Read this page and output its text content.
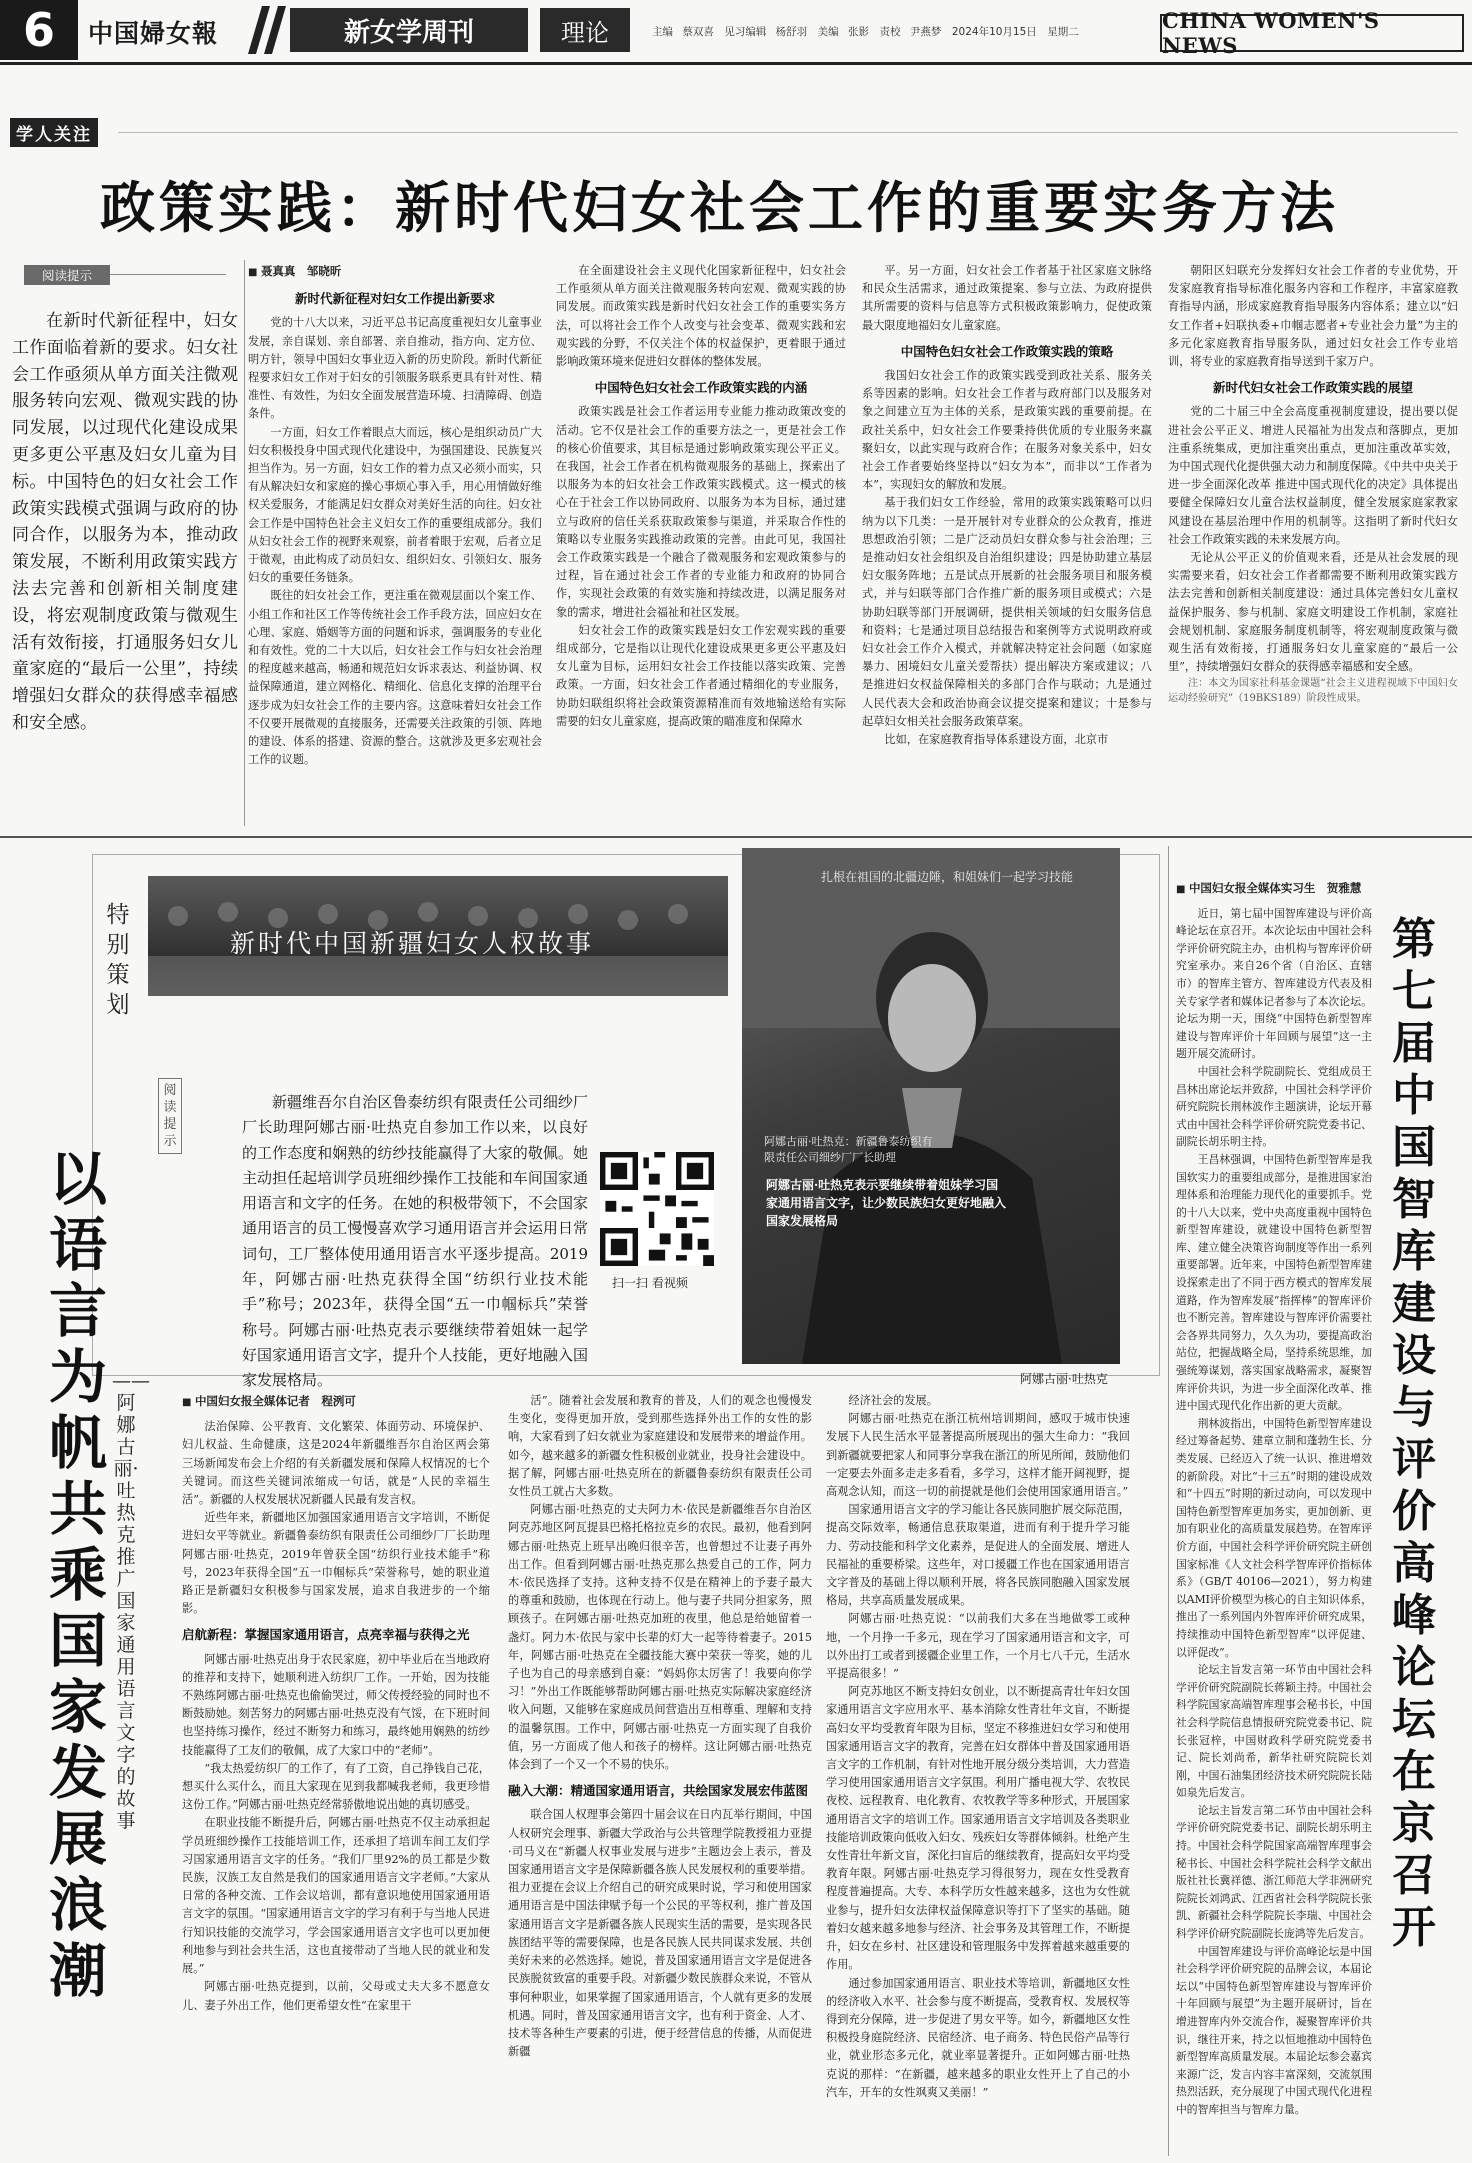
6	中国婦女報	新女学周刊	理论	主编 蔡双喜　见习编辑 杨舒羽　美编 张影　责校 尹燕梦　2024年10月15日　星期二	CHINA WOMEN'S NEWS
学人关注
政策实践：新时代妇女社会工作的重要实务方法
阅读提示
在新时代新征程中，妇女工作面临着新的要求。妇女社会工作亟须从单方面关注微观服务转向宏观、微观实践的协同发展，以过现代化建设成果更多更公平惠及妇女儿童为目标。中国特色的妇女社会工作政策实践模式强调与政府的协同合作，以服务为本，推动政策发展，不断利用政策实践方法去完善和创新相关制度建设，将宏观制度政策与微观生活有效衔接，打通服务妇女儿童家庭的“最后一公里”，持续增强妇女群众的获得感幸福感和安全感。
■ 聂真真　邹晓昕
新时代新征程对妇女工作提出新要求

党的十八大以来，习近平总书记高度重视妇女儿童事业发展，亲自谋划、亲自部署、亲自推动，指方向、定方位、明方针，领导中国妇女事业迈入新的历史阶段。新时代新征程要求妇女工作对于妇女的引领服务联系更具有针对性、精准性、有效性，为妇女全面发展营造环境、扫清障碍、创造条件。

一方面，妇女工作着眼点大而远，核心是组织动员广大妇女积极投身中国式现代化建设中，为强国建设、民族复兴担当作为。另一方面，妇女工作的着力点又必须小而实，只有从解决妇女和家庭的操心事烦心事入手，用心用情做好维权关爱服务，才能满足妇女群众对美好生活的向往。妇女社会工作是中国特色社会主义妇女工作的重要组成部分。我们从妇女社会工作的视野来观察，前者着眼于宏观，后者立足于微观，由此构成了动员妇女、组织妇女、引领妇女、服务妇女的重要任务链条。

既往的妇女社会工作，更注重在微观层面以个案工作、小组工作和社区工作等传统社会工作手段方法，回应妇女在心理、家庭、婚姻等方面的问题和诉求，强调服务的专业化和有效性。党的二十大以后，妇女社会工作与妇女社会治理的程度越来越高，畅通和规范妇女诉求表达、利益协调、权益保障通道，建立网格化、精细化、信息化支撑的治理平台逐步成为妇女社会工作的主要内容。这意味着妇女社会工作不仅要开展微观的直接服务，还需要关注政策的引领、阵地的建设、体系的搭建、资源的整合。这就涉及更多宏观社会工作的议题。

在全面建设社会主义现代化国家新征程中，妇女社会工作亟须从单方面关注微观服务转向宏观、微观实践的协同发展。而政策实践是新时代妇女社会工作的重要实务方法，可以将社会工作个人改变与社会变革、微观实践和宏观实践的分野，不仅关注个体的权益保护，更着眼于通过影响政策环境来促进妇女群体的整体发展。

中国特色妇女社会工作政策实践的内涵

政策实践是社会工作者运用专业能力推动政策改变的活动。它不仅是社会工作的重要方法之一，更是社会工作的核心价值要求，其目标是通过影响政策实现公平正义。在我国，社会工作者在机构微观服务的基础上，探索出了以服务为本的妇女社会工作政策实践模式。这一模式的核心在于社会工作以协同政府、以服务为本为目标，通过建立与政府的信任关系获取政策参与渠道，并采取合作性的策略以专业服务实践推动政策的完善。由此可见，我国社会工作政策实践是一个融合了微观服务和宏观政策参与的过程，旨在通过社会工作者的专业能力和政府的协同合作，实现社会政策的有效实施和持续改进，以满足服务对象的需求，增进社会福祉和社区发展。

妇女社会工作的政策实践是妇女工作宏观实践的重要组成部分，它是指以让现代化建设成果更多更公平惠及妇女儿童为目标，运用妇女社会工作技能以落实政策、完善政策。一方面，妇女社会工作者通过精细化的专业服务，协助妇联组织将社会政策资源精准而有效地输送给有实际需要的妇女儿童家庭，提高政策的瞄准度和保障水

平。另一方面，妇女社会工作者基于社区家庭文脉络和民众生活需求，通过政策提案、参与立法、为政府提供其所需要的资料与信息等方式积极政策影响力，促使政策最大限度地福妇女儿童家庭。

中国特色妇女社会工作政策实践的策略

我国妇女社会工作的政策实践受到政社关系、服务关系等因素的影响。妇女社会工作者与政府部门以及服务对象之间建立互为主体的关系，是政策实践的重要前提。在政社关系中，妇女社会工作要秉持供优质的专业服务来赢聚妇女，以此实现与政府合作；在服务对象关系中，妇女社会工作者要始终坚持以“妇女为本”，而非以“工作者为本”，实现妇女的解放和发展。

基于我们妇女工作经验，常用的政策实践策略可以归纳为以下几类：一是开展针对专业群众的公众教育，推进思想政治引领；二是广泛动员妇女群众参与社会治理；三是推动妇女社会组织及自治组织建设；四是协助建立基层妇女服务阵地；五是试点开展新的社会服务项目和服务模式，并与妇联等部门合作推广新的服务项目或模式；六是协助妇联等部门开展调研，提供相关领域的妇女服务信息和资料；七是通过项目总结报告和案例等方式说明政府或妇女社会工作介入模式，并就解决特定社会问题（如家庭暴力、困境妇女儿童关爱帮扶）提出解决方案或建议；八是推进妇女权益保障相关的多部门合作与联动；九是通过人民代表大会和政治协商会议提交提案和建议；十是参与起草妇女相关社会服务政策草案。

比如，在家庭教育指导体系建设方面，北京市

朝阳区妇联充分发挥妇女社会工作者的专业优势，开发家庭教育指导标准化服务内容和工作程序，丰富家庭教育指导内涵，形成家庭教育指导服务内容体系；建立以“妇女工作者+妇联执委+巾帼志愿者+专业社会力量”为主的多元化家庭教育指导服务队，通过妇女社会工作专业培训，将专业的家庭教育指导送到千家万户。

新时代妇女社会工作政策实践的展望

党的二十届三中全会高度重视制度建设，提出要以促进社会公平正义、增进人民福祉为出发点和落脚点，更加注重系统集成，更加注重突出重点，更加注重改革实效，为中国式现代化提供强大动力和制度保障。《中共中央关于进一步全面深化改革 推进中国式现代化的决定》具体提出要健全保障妇女儿童合法权益制度，健全发展家庭家教家风建设在基层治理中作用的机制等。这指明了新时代妇女社会工作政策实践的未来发展方向。

无论从公平正义的价值观来看，还是从社会发展的现实需要来看，妇女社会工作者都需要不断利用政策实践方法去完善和创新相关制度建设：通过具体完善妇女儿童权益保护服务、参与机制、家庭文明建设工作机制，家庭社会规划机制、家庭服务制度机制等，将宏观制度政策与微观生活有效衔接，打通服务妇女儿童家庭的“最后一公里”，持续增强妇女群众的获得感幸福感和安全感。

注：本文为国家社科基金课题“社会主义进程视域下中国妇女运动经验研究”（19BKS189）阶段性成果。

特别策划
新时代中国新疆妇女人权故事
阅读提示
新疆维吾尔自治区鲁泰纺织有限责任公司细纱厂厂长助理阿娜古丽·吐热克自参加工作以来，以良好的工作态度和娴熟的纺纱技能赢得了大家的敬佩。她主动担任起培训学员班细纱操作工技能和车间国家通用语言和文字的任务。在她的积极带领下，不会国家通用语言的员工慢慢喜欢学习通用语言并会运用日常词句，工厂整体使用通用语言水平逐步提高。2019年，阿娜古丽·吐热克获得全国“纺织行业技术能手”称号；2023年，获得全国“五一巾帼标兵”荣誉称号。阿娜古丽·吐热克表示要继续带着姐妹一起学好国家通用语言文字，提升个人技能，更好地融入国家发展格局。
扫一扫 看视频
扎根在祖国的北疆边陲，和姐妹们一起学习技能
阿娜古丽·吐热克：新疆鲁泰纺织有限责任公司细纱厂厂长助理
阿娜古丽·吐热克表示要继续带着姐妹学习国家通用语言文字，让少数民族妇女更好地融入国家发展格局
阿娜古丽·吐热克
以语言为帆 共乘国家发展浪潮
——阿娜古丽·吐热克推广国家通用语言文字的故事
■ 中国妇女报全媒体记者　程洌可

法治保障、公平教育、文化繁荣、体面劳动、环境保护、妇儿权益、生命健康，这是2024年新疆维吾尔自治区两会第三场新闻发布会上介绍的有关新疆发展和保障人权情况的七个关键词。而这些关键词浓缩成一句话，就是“人民的幸福生活”。新疆的人权发展状况新疆人民最有发言权。

近些年来，新疆地区加强国家通用语言文字培训，不断促进妇女平等就业。新疆鲁泰纺织有限责任公司细纱厂厂长助理阿娜古丽·吐热克，2019年曾获全国“纺织行业技术能手”称号，2023年获得全国“五一巾帼标兵”荣誉称号，她的职业道路正是新疆妇女积极参与国家发展，追求自我进步的一个缩影。

启航新程：掌握国家通用语言，点亮幸福与获得之光

阿娜古丽·吐热克出身于农民家庭，初中毕业后在当地政府的推荐和支持下，她顺利进入纺织厂工作。一开始，因为技能不熟练阿娜古丽·吐热克也偷偷哭过，师父传授经验的同时也不断鼓励她。刻苦努力的阿娜古丽·吐热克没有气馁，在下班时间也坚持练习操作，经过不断努力和练习，最终她用娴熟的纺纱技能赢得了工友们的敬佩，成了大家口中的“老师”。

“我太热爱纺织厂的工作了，有了工资，自己挣钱自己花，想买什么买什么，而且大家现在见到我都喊我老师，我更珍惜这份工作。”阿娜古丽·吐热克经常骄傲地说出她的真切感受。

在职业技能不断提升后，阿娜古丽·吐热克不仅主动承担起学员班细纱操作工技能培训工作，还承担了培训车间工友们学习国家通用语言文字的任务。“我们厂里92%的员工都是少数民族，汉族工友自然是我们的国家通用语言文字老师。”大家从日常的各种交流、工作会议培训，都有意识地使用国家通用语言文字的氛围。“国家通用语言文字的学习有利于与当地人民进行知识技能的交流学习，学会国家通用语言文字也可以更加便利地参与到社会共生活，这也直接带动了当地人民的就业和发展。”

阿娜古丽·吐热克提到，以前，父母或丈夫大多不愿意女儿、妻子外出工作，他们更希望女性“在家里干

活”。随着社会发展和教育的普及，人们的观念也慢慢发生变化，变得更加开放，受到那些选择外出工作的女性的影响，大家看到了妇女就业为家庭建设和发展带来的增益作用。如今，越来越多的新疆女性积极创业就业，投身社会建设中。据了解，阿娜古丽·吐热克所在的新疆鲁泰纺织有限责任公司女性员工就占大多数。

阿娜古丽·吐热克的丈夫阿力木·依民是新疆维吾尔自治区阿克苏地区阿瓦提县巴格托格拉克乡的农民。最初，他看到阿娜古丽·吐热克上班早出晚归很辛苦，也曾想过不让妻子再外出工作。但看到阿娜古丽·吐热克那么热爱自己的工作，阿力木·依民选择了支持。这种支持不仅是在精神上的予妻子最大的尊重和鼓励，也体现在行动上。他与妻子共同分担家务，照顾孩子。在阿娜古丽·吐热克加班的夜里，他总是给她留着一盏灯。阿力木·依民与家中长辈的灯大一起等待着妻子。2015年，阿娜古丽·吐热克在全疆技能大赛中荣获一等奖，她的儿子也为自己的母亲感到自豪：“妈妈你太厉害了！我要向你学习！”外出工作既能够帮助阿娜古丽·吐热克实际解决家庭经济收入问题，又能够在家庭成员间营造出互相尊重、理解和支持的温馨氛围。工作中，阿娜古丽·吐热克一方面实现了自我价值，另一方面成了他人和孩子的榜样。这让阿娜古丽·吐热克体会到了一个又一个不易的快乐。

融入大潮：精通国家通用语言，共绘国家发展宏伟蓝图

联合国人权理事会第四十届会议在日内瓦举行期间，中国人权研究会理事、新疆大学政治与公共管理学院教授祖力亚提·司马义在“新疆人权事业发展与进步”主题边会上表示，普及国家通用语言文字是保障新疆各族人民发展权利的重要举措。祖力亚提在会议上介绍自己的研究成果时说，学习和使用国家通用语言是中国法律赋予每一个公民的平等权利，推广普及国家通用语言文字是新疆各族人民现实生活的需要，是实现各民族团结平等的需要保障，也是各民族人民共同谋求发展、共创美好未来的必然选择。她说，普及国家通用语言文字是促进各民族脱贫致富的重要手段。对新疆少数民族群众来说，不管从事何种职业，如果掌握了国家通用语言，个人就有更多的发展机遇。同时，普及国家通用语言文字，也有利于资金、人才、技术等各种生产要素的引进，便于经营信息的传播，从而促进新疆

经济社会的发展。

阿娜古丽·吐热克在浙江杭州培训期间，感叹于城市快速发展下人民生活水平显著提高所展现出的强大生命力：“我回到新疆就要把家人和同事分享我在浙江的所见所闻，鼓励他们一定要去外面多走走多看看，多学习，这样才能开阔视野，提高观念认知，而这一切的前提就是他们会使用国家通用语言。”

国家通用语言文字的学习能让各民族同胞扩展交际范围，提高交际效率，畅通信息获取渠道，进而有利于提升学习能力、劳动技能和科学文化素养，是促进人的全面发展、增进人民福祉的重要桥梁。这些年，对口援疆工作也在国家通用语言文字普及的基础上得以顺利开展，将各民族同胞融入国家发展格局，共享高质量发展成果。

阿娜古丽·吐热克说：“以前我们大多在当地做零工或种地，一个月挣一千多元，现在学习了国家通用语言和文字，可以外出打工或者到援疆企业里工作，一个月七八千元，生活水平提高很多！”

阿克苏地区不断支持妇女创业，以不断提高青壮年妇女国家通用语言文字应用水平、基本消除女性青壮年文盲，不断提高妇女平均受教育年限为目标，坚定不移推进妇女学习和使用国家通用语言文字的教育，完善在妇女群体中普及国家通用语言文字的工作机制，有针对性地开展分级分类培训，大力营造学习使用国家通用语言文字氛围。利用广播电视大学、农牧民夜校、远程教育、电化教育、农牧教学等多种形式，开展国家通用语言文字的培训工作。国家通用语言文字培训及各类职业技能培训政策向低收入妇女、残疾妇女等群体倾斜。杜绝产生女性青壮年新文盲，深化扫盲后的继续教育，提高妇女平均受教育年限。阿娜古丽·吐热克学习得很努力，现在女性受教育程度普遍提高。大专、本科学历女性越来越多，这也为女性就业参与，提升妇女法律权益保障意识等打下了坚实的基础。随着妇女越来越多地参与经济、社会事务及其管理工作，不断提升，妇女在乡村、社区建设和管理服务中发挥着越来越重要的作用。

通过参加国家通用语言、职业技术等培训，新疆地区女性的经济收入水平、社会参与度不断提高，受教育权、发展权等得到充分保障，进一步促进了男女平等。如今，新疆地区女性积极投身庭院经济、民宿经济、电子商务、特色民俗产品等行业，就业形态多元化，就业率显著提升。正如阿娜古丽·吐热克说的那样：“在新疆，越来越多的职业女性开上了自己的小汽车，开车的女性飒爽又美丽！”

■ 中国妇女报全媒体实习生　贺雅慧

近日，第七届中国智库建设与评价高峰论坛在京召开。本次论坛由中国社会科学评价研究院主办，由机构与智库评价研究室承办。来自26个省（自治区、直辖市）的智库主管方、智库建设方代表及相关专家学者和媒体记者参与了本次论坛。论坛为期一天，围绕“中国特色新型智库建设与智库评价十年回顾与展望”这一主题开展交流研讨。

中国社会科学院副院长、党组成员王昌林出席论坛并致辞，中国社会科学评价研究院院长荆林波作主题演讲，论坛开幕式由中国社会科学评价研究院党委书记、副院长胡乐明主持。

王昌林强调，中国特色新型智库是我国软实力的重要组成部分，是推进国家治理体系和治理能力现代化的重要抓手。党的十八大以来，党中央高度重视中国特色新型智库建设，就建设中国特色新型智库、建立健全决策咨询制度等作出一系列重要部署。近年来，中国特色新型智库建设探索走出了不同于西方模式的智库发展道路，作为智库发展“指挥棒”的智库评价也不断完善。智库建设与智库评价需要社会各界共同努力，久久为功，要提高政治站位，把握战略全局，坚持系统思维，加强统筹谋划，落实国家战略需求，凝聚智库评价共识，为进一步全面深化改革、推进中国式现代化作出新的更大贡献。

荆林波指出，中国特色新型智库建设经过筹备起势、建章立制和蓬勃生长、分类发展、已经迈入了统一认识、推进增效的新阶段。对比“十三五”时期的建设成效和“十四五”时期的新过动向，可以发现中国特色新型智库更加务实，更加创新、更加有职业化的高质量发展趋势。在智库评价方面，中国社会科学评价研究院主研创国家标准《人文社会科学智库评价指标体系》（GB/T 40106—2021），努力构建以AMI评价模型为核心的自主知识体系，推出了一系列国内外智库评价研究成果，持续推动中国特色新型智库“以评促建、以评促改”。

论坛主旨发言第一环节由中国社会科学评价研究院副院长蒋颖主持。中国社会科学院国家高端智库理事会秘书长，中国社会科学院信息情报研究院党委书记、院长张冠梓，中国财政科学研究院党委书记、院长刘尚希，新华社研究院院长刘刚，中国石油集团经济技术研究院院长陆如泉先后发言。

论坛主旨发言第二环节由中国社会科学评价研究院党委书记、副院长胡乐明主持。中国社会科学院国家高端智库理事会秘书长、中国社会科学院社会科学文献出版社社长冀祥德、浙江师范大学非洲研究院院长刘鸿武、江西省社会科学院院长张凯、新疆社会科学院院长李瑞、中国社会科学评价研究院副院长庞鸿等先后发言。

中国智库建设与评价高峰论坛是中国社会科学评价研究院的品牌会议，本届论坛以“中国特色新型智库建设与智库评价十年回顾与展望”为主题开展研讨，旨在增进智库内外交流合作，凝聚智库评价共识，继往开来，持之以恒地推动中国特色新型智库高质量发展。本届论坛参会嘉宾来源广泛，发言内容丰富深刻，交流氛围热烈活跃，充分展现了中国式现代化进程中的智库担当与智库力量。

第七届中国智库建设与评价高峰论坛在京召开
